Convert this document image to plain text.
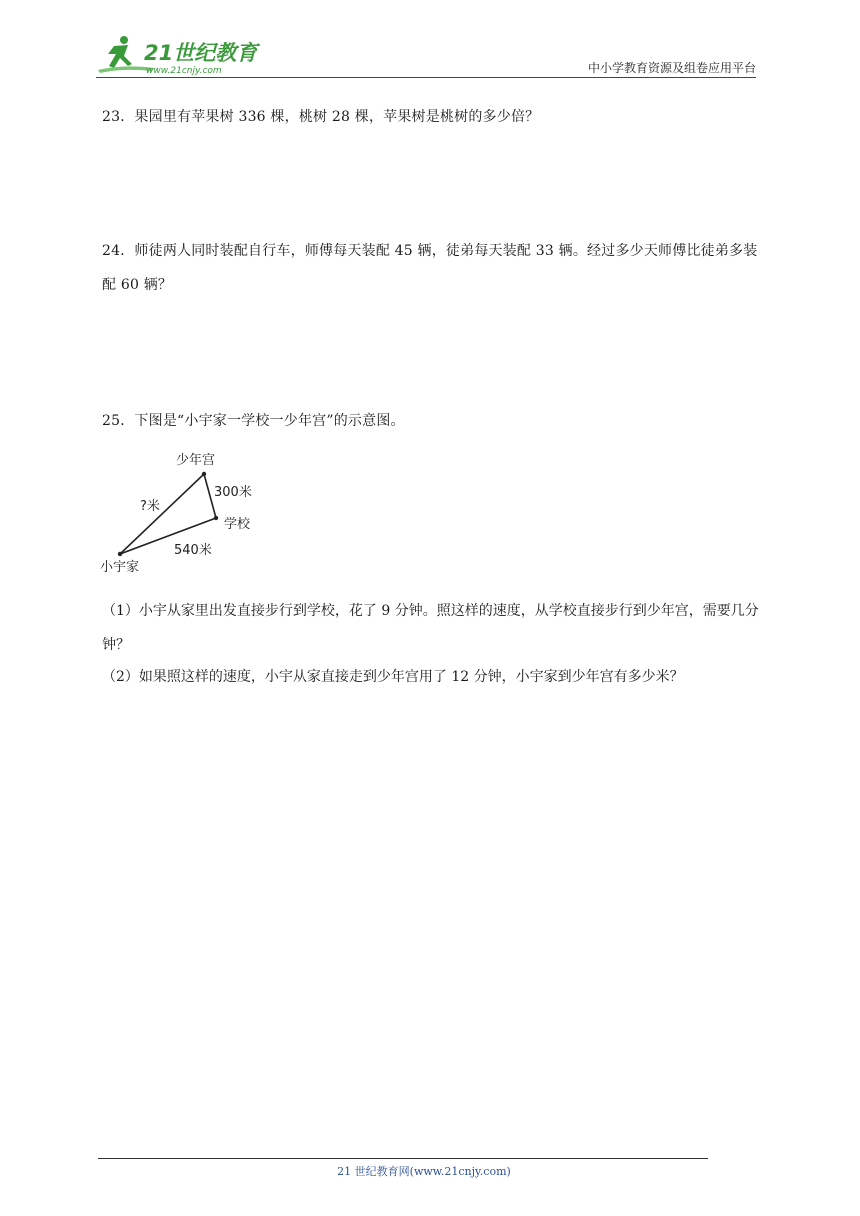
21世纪教育
www.21cnjy.com	中小学教育资源及组卷应用平台
23．果园里有苹果树 336 棵，桃树 28 棵，苹果树是桃树的多少倍？
24．师徒两人同时装配自行车，师傅每天装配 45 辆，徒弟每天装配 33 辆。经过多少天师傅比徒弟多装配 60 辆？
25．下图是“小宇家一学校一少年宫”的示意图。
少年宫
学校
小宇家
?米
300米
540米
（1）小宇从家里出发直接步行到学校，花了 9 分钟。照这样的速度，从学校直接步行到少年宫，需要几分钟？
（2）如果照这样的速度，小宇从家直接走到少年宫用了 12 分钟，小宇家到少年宫有多少米？
21 世纪教育网(www.21cnjy.com)
